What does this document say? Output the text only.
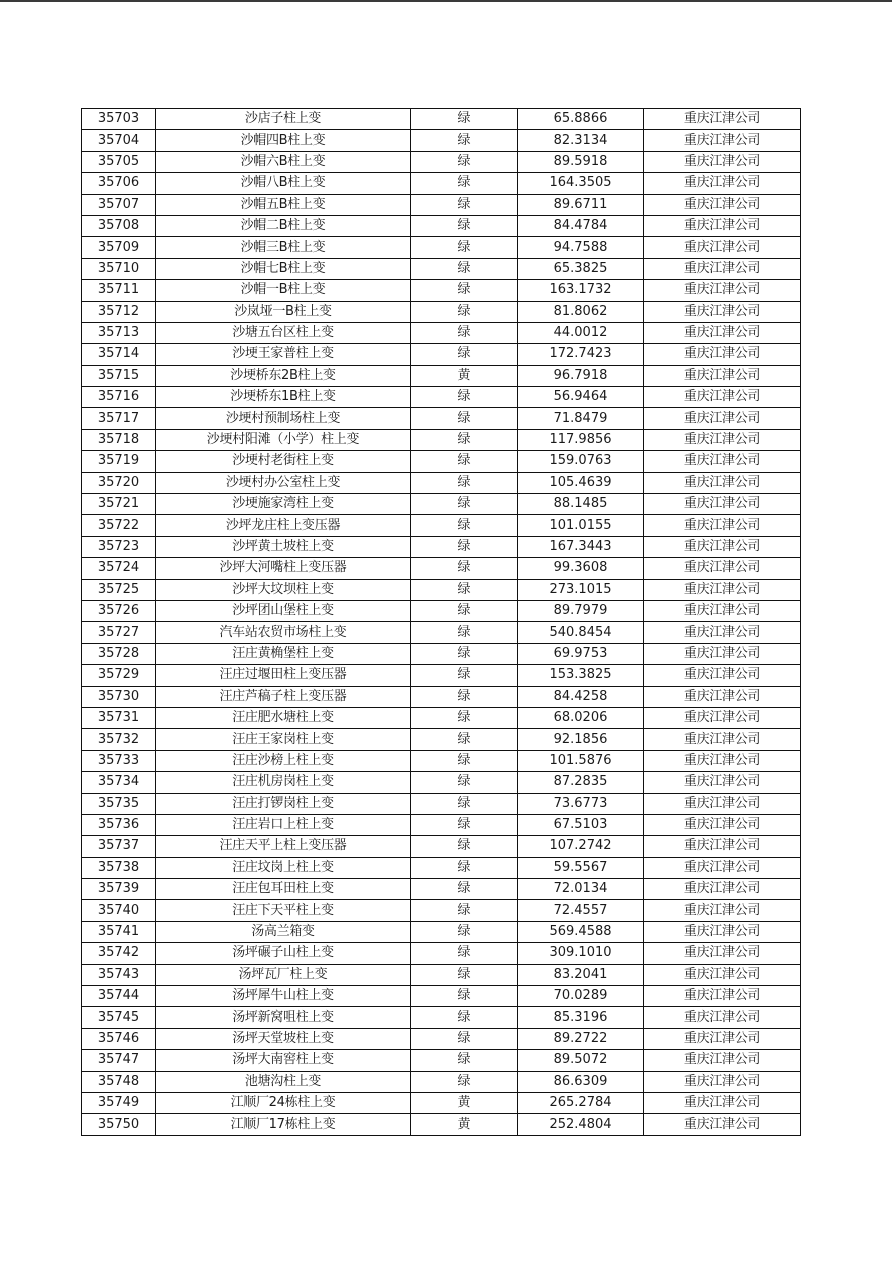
35703	沙店子柱上变	绿	65.8866	重庆江津公司
35704	沙帽四B柱上变	绿	82.3134	重庆江津公司
35705	沙帽六B柱上变	绿	89.5918	重庆江津公司
35706	沙帽八B柱上变	绿	164.3505	重庆江津公司
35707	沙帽五B柱上变	绿	89.6711	重庆江津公司
35708	沙帽二B柱上变	绿	84.4784	重庆江津公司
35709	沙帽三B柱上变	绿	94.7588	重庆江津公司
35710	沙帽七B柱上变	绿	65.3825	重庆江津公司
35711	沙帽一B柱上变	绿	163.1732	重庆江津公司
35712	沙岚垭一B柱上变	绿	81.8062	重庆江津公司
35713	沙塘五台区柱上变	绿	44.0012	重庆江津公司
35714	沙埂王家普柱上变	绿	172.7423	重庆江津公司
35715	沙埂桥东2B柱上变	黄	96.7918	重庆江津公司
35716	沙埂桥东1B柱上变	绿	56.9464	重庆江津公司
35717	沙埂村预制场柱上变	绿	71.8479	重庆江津公司
35718	沙埂村阳滩（小学）柱上变	绿	117.9856	重庆江津公司
35719	沙埂村老街柱上变	绿	159.0763	重庆江津公司
35720	沙埂村办公室柱上变	绿	105.4639	重庆江津公司
35721	沙埂施家湾柱上变	绿	88.1485	重庆江津公司
35722	沙坪龙庄柱上变压器	绿	101.0155	重庆江津公司
35723	沙坪黄土坡柱上变	绿	167.3443	重庆江津公司
35724	沙坪大河嘴柱上变压器	绿	99.3608	重庆江津公司
35725	沙坪大坟坝柱上变	绿	273.1015	重庆江津公司
35726	沙坪团山堡柱上变	绿	89.7979	重庆江津公司
35727	汽车站农贸市场柱上变	绿	540.8454	重庆江津公司
35728	汪庄黄桷堡柱上变	绿	69.9753	重庆江津公司
35729	汪庄过堰田柱上变压器	绿	153.3825	重庆江津公司
35730	汪庄芦稿子柱上变压器	绿	84.4258	重庆江津公司
35731	汪庄肥水塘柱上变	绿	68.0206	重庆江津公司
35732	汪庄王家岗柱上变	绿	92.1856	重庆江津公司
35733	汪庄沙榜上柱上变	绿	101.5876	重庆江津公司
35734	汪庄机房岗柱上变	绿	87.2835	重庆江津公司
35735	汪庄打锣岗柱上变	绿	73.6773	重庆江津公司
35736	汪庄岩口上柱上变	绿	67.5103	重庆江津公司
35737	汪庄天平上柱上变压器	绿	107.2742	重庆江津公司
35738	汪庄坟岗上柱上变	绿	59.5567	重庆江津公司
35739	汪庄包耳田柱上变	绿	72.0134	重庆江津公司
35740	汪庄下天平柱上变	绿	72.4557	重庆江津公司
35741	汤高兰箱变	绿	569.4588	重庆江津公司
35742	汤坪碾子山柱上变	绿	309.1010	重庆江津公司
35743	汤坪瓦厂柱上变	绿	83.2041	重庆江津公司
35744	汤坪犀牛山柱上变	绿	70.0289	重庆江津公司
35745	汤坪新窝咀柱上变	绿	85.3196	重庆江津公司
35746	汤坪天堂坡柱上变	绿	89.2722	重庆江津公司
35747	汤坪大南窖柱上变	绿	89.5072	重庆江津公司
35748	池塘沟柱上变	绿	86.6309	重庆江津公司
35749	江顺厂24栋柱上变	黄	265.2784	重庆江津公司
35750	江顺厂17栋柱上变	黄	252.4804	重庆江津公司
